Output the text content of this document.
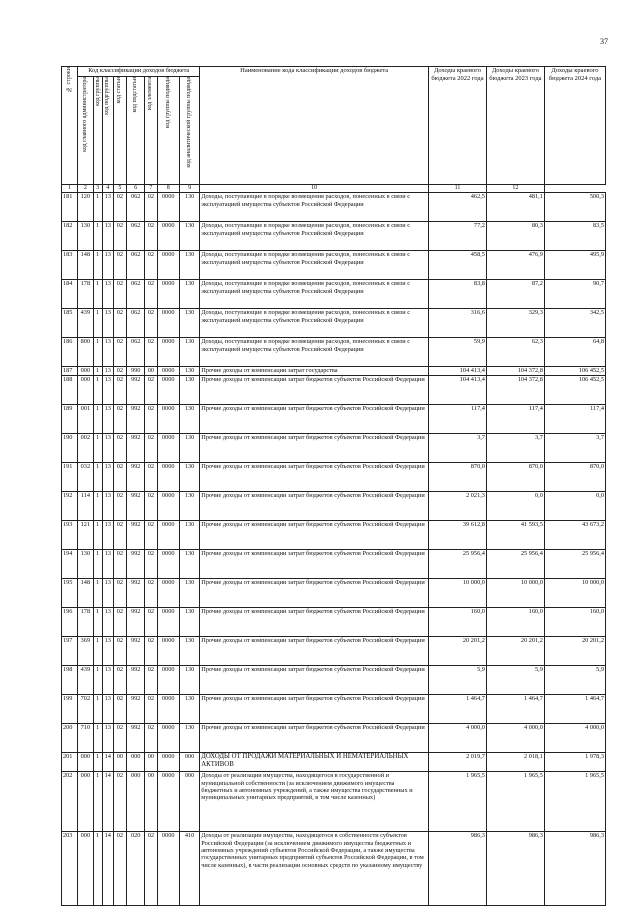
37
№ строки	Код классификации доходов бюджета								Наименование кода классификации доходов бюджета	Доходы краевого бюджета 2022 года	Доходы краевого бюджета 2023 года	Доходы краевого бюджета 2024 года

	код главного администратора	код группы	код подгруппы	код статьи	код подстатьи	код элемента	код группы подвида	код аналитической группы подвида				

1	2	3	4	5	6	7	8	9	10	11	12	
181	120	1	13	02	062	02	0000	130	Доходы, поступающие в порядке возмещения расходов, понесенных в связи с эксплуатацией имущества субъектов Российской Федерации	462,5	481,1	500,3
182	130	1	13	02	062	02	0000	130	Доходы, поступающие в порядке возмещения расходов, понесенных в связи с эксплуатацией имущества субъектов Российской Федерации	77,2	80,3	83,5
183	148	1	13	02	062	02	0000	130	Доходы, поступающие в порядке возмещения расходов, понесенных в связи с эксплуатацией имущества субъектов Российской Федерации	458,5	476,9	495,9
184	178	1	13	02	062	02	0000	130	Доходы, поступающие в порядке возмещения расходов, понесенных в связи с эксплуатацией имущества субъектов Российской Федерации	83,8	87,2	90,7
185	439	1	13	02	062	02	0000	130	Доходы, поступающие в порядке возмещения расходов, понесенных в связи с эксплуатацией имущества субъектов Российской Федерации	316,6	329,3	342,5
186	800	1	13	02	062	02	0000	130	Доходы, поступающие в порядке возмещения расходов, понесенных в связи с эксплуатацией имущества субъектов Российской Федерации	59,9	62,3	64,8
187	000	1	13	02	990	00	0000	130	Прочие доходы от компенсации затрат государства	104 413,4	104 372,8	106 452,5
188	000	1	13	02	992	02	0000	130	Прочие доходы от компенсации затрат бюджетов субъектов Российской Федерации	104 413,4	104 372,8	106 452,5
189	001	1	13	02	992	02	0000	130	Прочие доходы от компенсации затрат бюджетов субъектов Российской Федерации	117,4	117,4	117,4
190	002	1	13	02	992	02	0000	130	Прочие доходы от компенсации затрат бюджетов субъектов Российской Федерации	3,7	3,7	3,7
191	032	1	13	02	992	02	0000	130	Прочие доходы от компенсации затрат бюджетов субъектов Российской Федерации	870,0	870,0	870,0
192	114	1	13	02	992	02	0000	130	Прочие доходы от компенсации затрат бюджетов субъектов Российской Федерации	2 021,3	0,0	0,0
193	121	1	13	02	992	02	0000	130	Прочие доходы от компенсации затрат бюджетов субъектов Российской Федерации	39 612,8	41 593,5	43 673,2
194	130	1	13	02	992	02	0000	130	Прочие доходы от компенсации затрат бюджетов субъектов Российской Федерации	25 956,4	25 956,4	25 956,4
195	148	1	13	02	992	02	0000	130	Прочие доходы от компенсации затрат бюджетов субъектов Российской Федерации	10 000,0	10 000,0	10 000,0
196	178	1	13	02	992	02	0000	130	Прочие доходы от компенсации затрат бюджетов субъектов Российской Федерации	160,0	160,0	160,0
197	369	1	13	02	992	02	0000	130	Прочие доходы от компенсации затрат бюджетов субъектов Российской Федерации	20 201,2	20 201,2	20 201,2
198	439	1	13	02	992	02	0000	130	Прочие доходы от компенсации затрат бюджетов субъектов Российской Федерации	5,9	5,9	5,9
199	702	1	13	02	992	02	0000	130	Прочие доходы от компенсации затрат бюджетов субъектов Российской Федерации	1 464,7	1 464,7	1 464,7
200	710	1	13	02	992	02	0000	130	Прочие доходы от компенсации затрат бюджетов субъектов Российской Федерации	4 000,0	4 000,0	4 000,0
201	000	1	14	00	000	00	0000	000	ДОХОДЫ ОТ ПРОДАЖИ МАТЕРИАЛЬНЫХ И НЕМАТЕРИАЛЬНЫХ АКТИВОВ	2 019,7	2 018,1	1 978,3
202	000	1	14	02	000	00	0000	000	Доходы от реализации имущества, находящегося в государственной и муниципальной собственности (за исключением движимого имущества бюджетных и автономных учреждений, а также имущества государственных и муниципальных унитарных предприятий, в том числе казенных)	1 965,5	1 965,5	1 965,5
203	000	1	14	02	020	02	0000	410	Доходы от реализации имущества, находящегося в собственности субъектов Российской Федерации (за исключением движимого имущества бюджетных и автономных учреждений субъектов Российской Федерации, а также имущества государственных унитарных предприятий субъектов Российской Федерации, в том числе казенных), в части реализации основных средств по указанному имуществу	986,3	986,3	986,3
